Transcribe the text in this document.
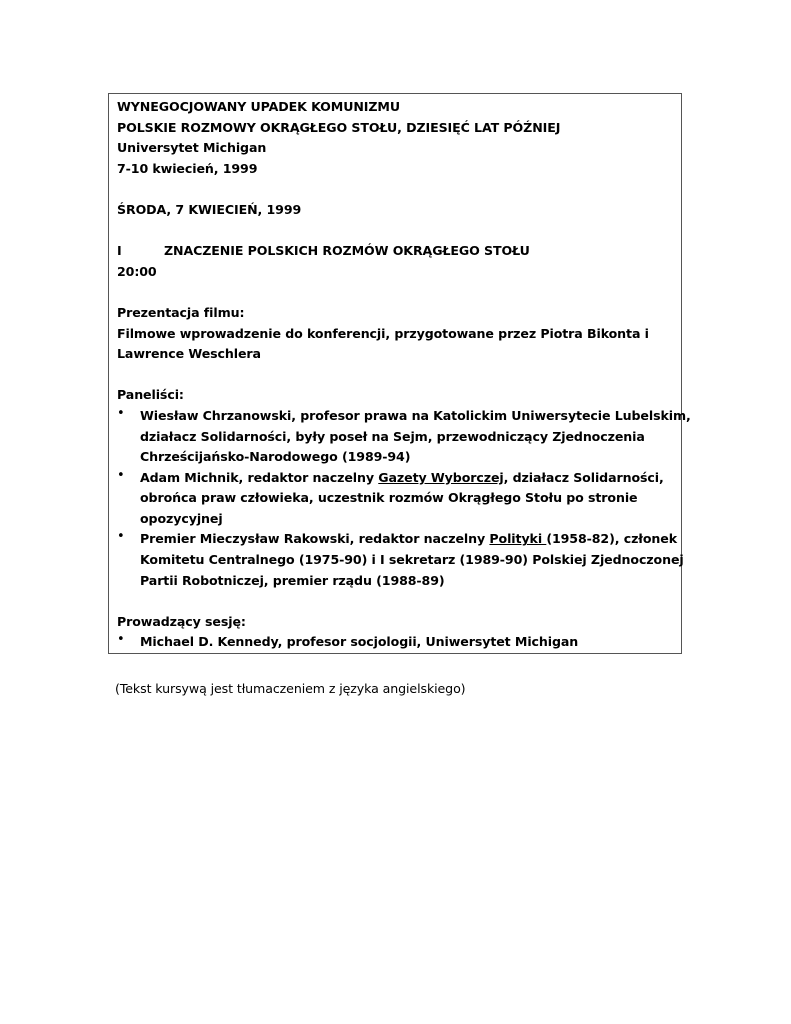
WYNEGOCJOWANY UPADEK KOMUNIZMU
POLSKIE ROZMOWY OKRĄGŁEGO STOŁU, DZIESIĘĆ LAT PÓŹNIEJ
Universytet Michigan
7-10 kwiecień, 1999
ŚRODA, 7 KWIECIEŃ, 1999
I	ZNACZENIE POLSKICH ROZMÓW OKRĄGŁEGO STOŁU
20:00
Prezentacja filmu:
Filmowe wprowadzenie do konferencji, przygotowane przez Piotra Bikonta i
Lawrence Weschlera
Paneliści:
• Wiesław Chrzanowski, profesor prawa na Katolickim Uniwersytecie Lubelskim,
działacz Solidarności, były poseł na Sejm, przewodniczący Zjednoczenia
Chrześcijańsko-Narodowego (1989-94)
• Adam Michnik, redaktor naczelny Gazety Wyborczej, działacz Solidarności,
obrońca praw człowieka, uczestnik rozmów Okrągłego Stołu po stronie
opozycyjnej
• Premier Mieczysław Rakowski, redaktor naczelny Polityki (1958-82), członek
Komitetu Centralnego (1975-90) i I sekretarz (1989-90) Polskiej Zjednoczonej
Partii Robotniczej, premier rządu (1988-89)
Prowadzący sesję:
• Michael D. Kennedy, profesor socjologii, Uniwersytet Michigan
(Tekst kursywą jest tłumaczeniem z języka angielskiego)
